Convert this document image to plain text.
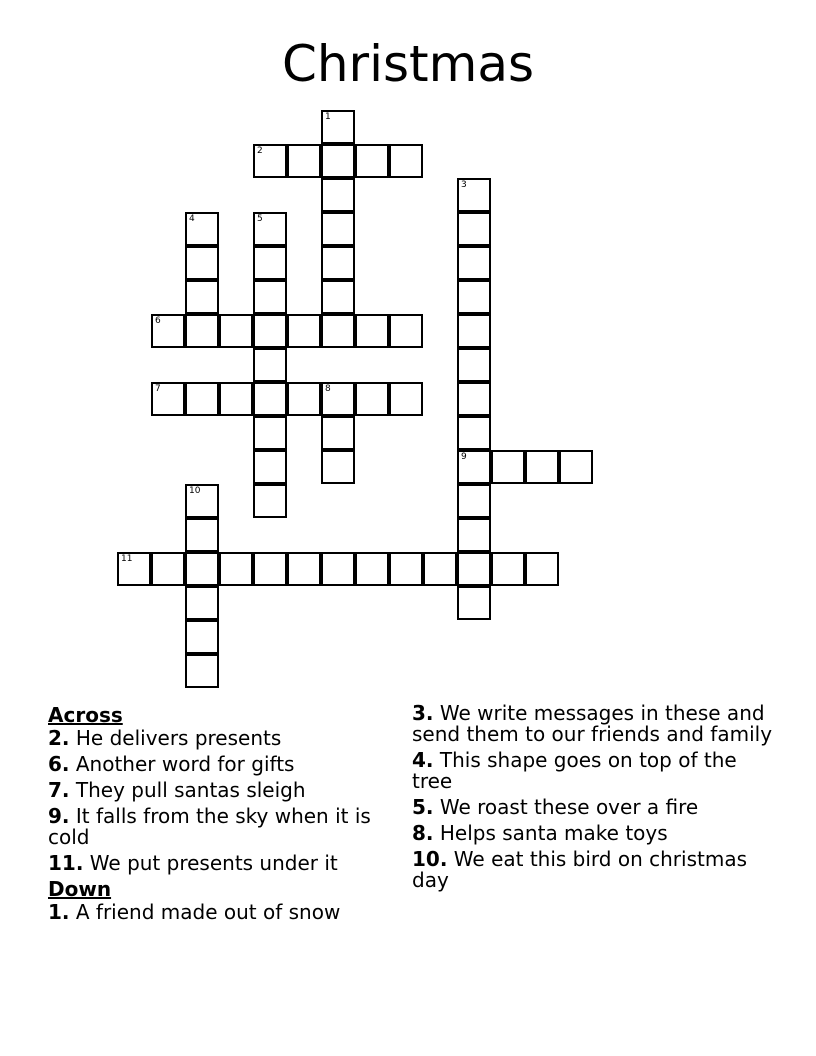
Christmas
1
2
3
9
4	5
6
7	8
10
11
Across
2. He delivers presents
6. Another word for gifts
7. They pull santas sleigh
9. It falls from the sky when it is cold
11. We put presents under it
Down
1. A friend made out of snow
3. We write messages in these and send them to our friends and family
4. This shape goes on top of the tree
5. We roast these over a fire
8. Helps santa make toys
10. We eat this bird on christmas day
